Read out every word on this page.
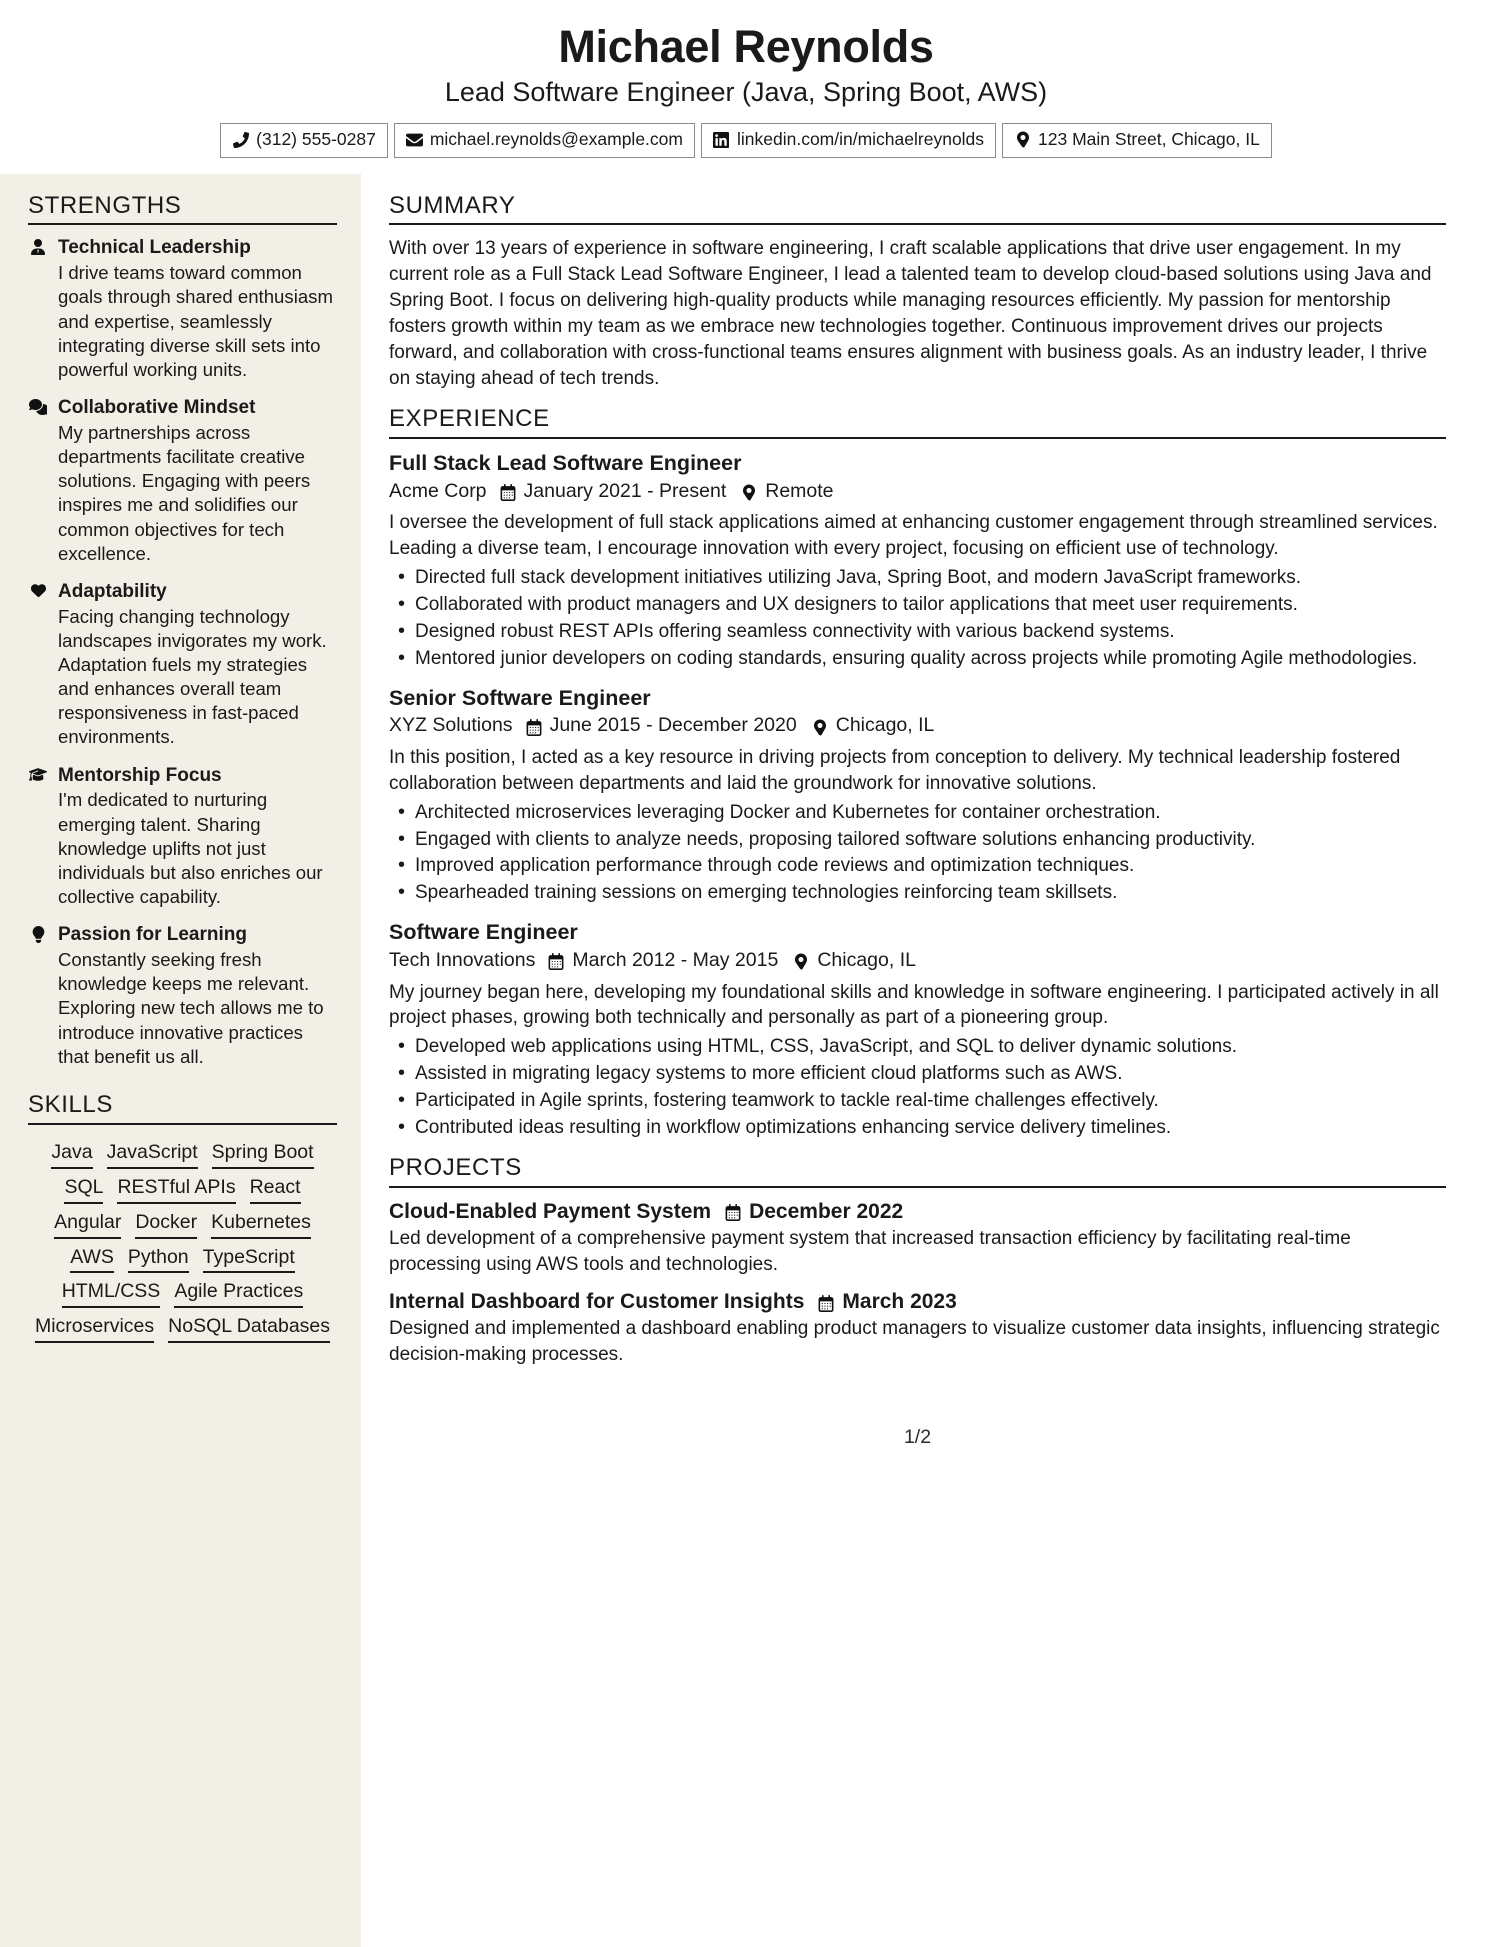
Michael Reynolds
Lead Software Engineer (Java, Spring Boot, AWS)
(312) 555-0287	michael.reynolds@example.com	linkedin.com/in/michaelreynolds	123 Main Street, Chicago, IL
STRENGTHS
Technical Leadership
I drive teams toward common goals through shared enthusiasm and expertise, seamlessly integrating diverse skill sets into powerful working units.
Collaborative Mindset
My partnerships across departments facilitate creative solutions. Engaging with peers inspires me and solidifies our common objectives for tech excellence.
Adaptability
Facing changing technology landscapes invigorates my work. Adaptation fuels my strategies and enhances overall team responsiveness in fast-paced environments.
Mentorship Focus
I'm dedicated to nurturing emerging talent. Sharing knowledge uplifts not just individuals but also enriches our collective capability.
Passion for Learning
Constantly seeking fresh knowledge keeps me relevant. Exploring new tech allows me to introduce innovative practices that benefit us all.
SKILLS
Java JavaScript Spring Boot
SQL RESTful APIs React
Angular Docker Kubernetes
AWS Python TypeScript
HTML/CSS Agile Practices
Microservices NoSQL Databases
SUMMARY

With over 13 years of experience in software engineering, I craft scalable applications that drive user engagement. In my current role as a Full Stack Lead Software Engineer, I lead a talented team to develop cloud-based solutions using Java and Spring Boot. I focus on delivering high-quality products while managing resources efficiently. My passion for mentorship fosters growth within my team as we embrace new technologies together. Continuous improvement drives our projects forward, and collaboration with cross-functional teams ensures alignment with business goals. As an industry leader, I thrive on staying ahead of tech trends.

EXPERIENCE
Full Stack Lead Software Engineer
Acme Corp January 2021 - Present Remote

I oversee the development of full stack applications aimed at enhancing customer engagement through streamlined services. Leading a diverse team, I encourage innovation with every project, focusing on efficient use of technology.

• Directed full stack development initiatives utilizing Java, Spring Boot, and modern JavaScript frameworks.
• Collaborated with product managers and UX designers to tailor applications that meet user requirements.
• Designed robust REST APIs offering seamless connectivity with various backend systems.
• Mentored junior developers on coding standards, ensuring quality across projects while promoting Agile methodologies.
Senior Software Engineer
XYZ Solutions June 2015 - December 2020 Chicago, IL

In this position, I acted as a key resource in driving projects from conception to delivery. My technical leadership fostered collaboration between departments and laid the groundwork for innovative solutions.

• Architected microservices leveraging Docker and Kubernetes for container orchestration.
• Engaged with clients to analyze needs, proposing tailored software solutions enhancing productivity.
• Improved application performance through code reviews and optimization techniques.
• Spearheaded training sessions on emerging technologies reinforcing team skillsets.
Software Engineer
Tech Innovations March 2012 - May 2015 Chicago, IL

My journey began here, developing my foundational skills and knowledge in software engineering. I participated actively in all project phases, growing both technically and personally as part of a pioneering group.

• Developed web applications using HTML, CSS, JavaScript, and SQL to deliver dynamic solutions.
• Assisted in migrating legacy systems to more efficient cloud platforms such as AWS.
• Participated in Agile sprints, fostering teamwork to tackle real-time challenges effectively.
• Contributed ideas resulting in workflow optimizations enhancing service delivery timelines.
PROJECTS
Cloud-Enabled Payment System December 2022

Led development of a comprehensive payment system that increased transaction efficiency by facilitating real-time processing using AWS tools and technologies.

Internal Dashboard for Customer Insights March 2023

Designed and implemented a dashboard enabling product managers to visualize customer data insights, influencing strategic decision-making processes.

1/2
